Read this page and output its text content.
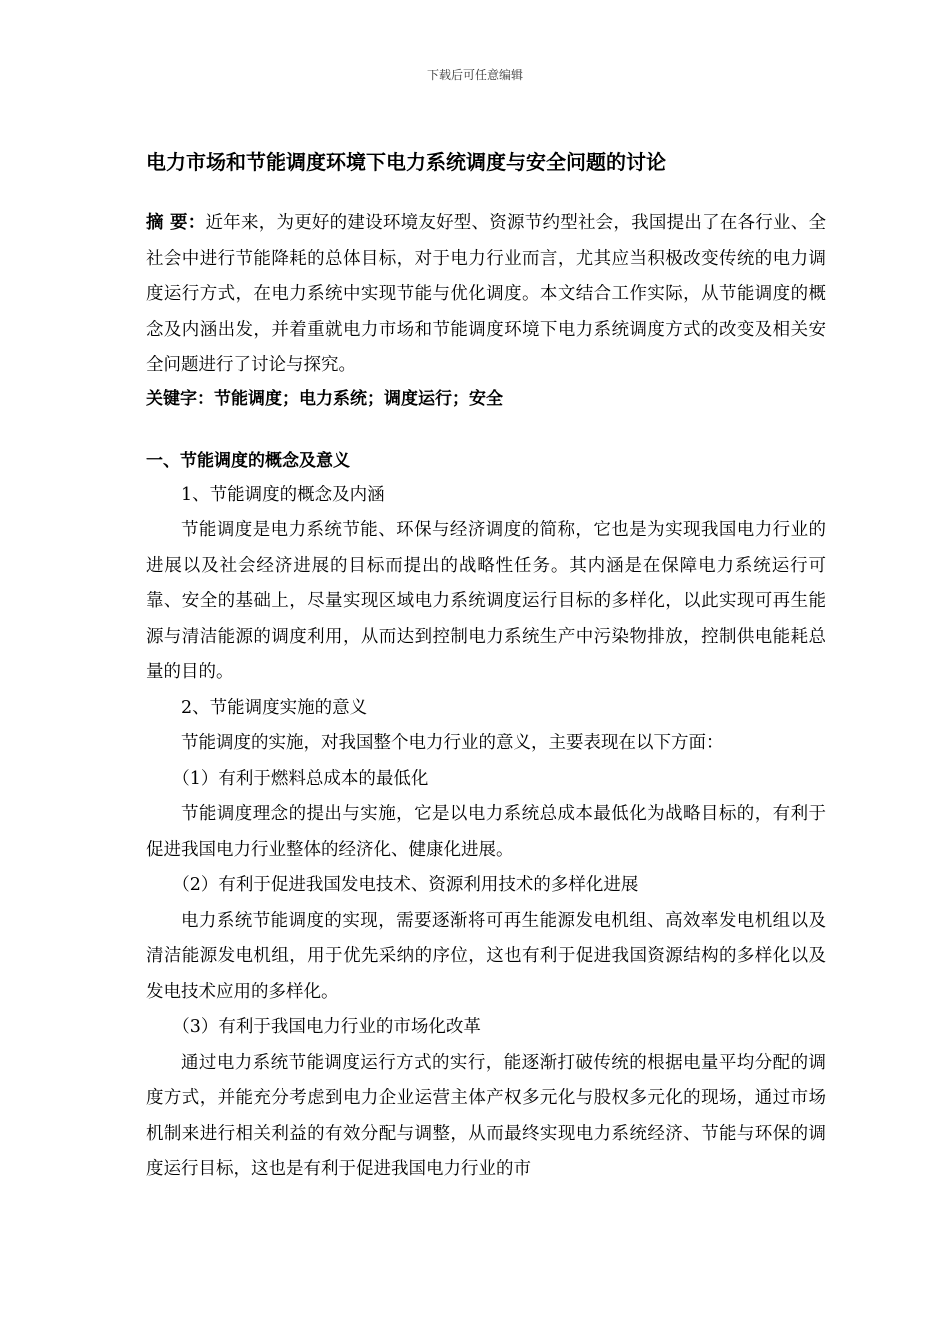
下载后可任意编辑
电力市场和节能调度环境下电力系统调度与安全问题的讨论

摘 要：近年来，为更好的建设环境友好型、资源节约型社会，我国提出了在各行业、全社会中进行节能降耗的总体目标，对于电力行业而言，尤其应当积极改变传统的电力调度运行方式，在电力系统中实现节能与优化调度。本文结合工作实际，从节能调度的概念及内涵出发，并着重就电力市场和节能调度环境下电力系统调度方式的改变及相关安全问题进行了讨论与探究。

关键字：节能调度；电力系统；调度运行；安全

一、节能调度的概念及意义

1、节能调度的概念及内涵

节能调度是电力系统节能、环保与经济调度的简称，它也是为实现我国电力行业的进展以及社会经济进展的目标而提出的战略性任务。其内涵是在保障电力系统运行可靠、安全的基础上，尽量实现区域电力系统调度运行目标的多样化，以此实现可再生能源与清洁能源的调度利用，从而达到控制电力系统生产中污染物排放，控制供电能耗总量的目的。

2、节能调度实施的意义

节能调度的实施，对我国整个电力行业的意义，主要表现在以下方面：

（1）有利于燃料总成本的最低化

节能调度理念的提出与实施，它是以电力系统总成本最低化为战略目标的，有利于促进我国电力行业整体的经济化、健康化进展。

（2）有利于促进我国发电技术、资源利用技术的多样化进展

电力系统节能调度的实现，需要逐渐将可再生能源发电机组、高效率发电机组以及清洁能源发电机组，用于优先采纳的序位，这也有利于促进我国资源结构的多样化以及发电技术应用的多样化。

（3）有利于我国电力行业的市场化改革

通过电力系统节能调度运行方式的实行，能逐渐打破传统的根据电量平均分配的调度方式，并能充分考虑到电力企业运营主体产权多元化与股权多元化的现场，通过市场机制来进行相关利益的有效分配与调整，从而最终实现电力系统经济、节能与环保的调度运行目标，这也是有利于促进我国电力行业的市
